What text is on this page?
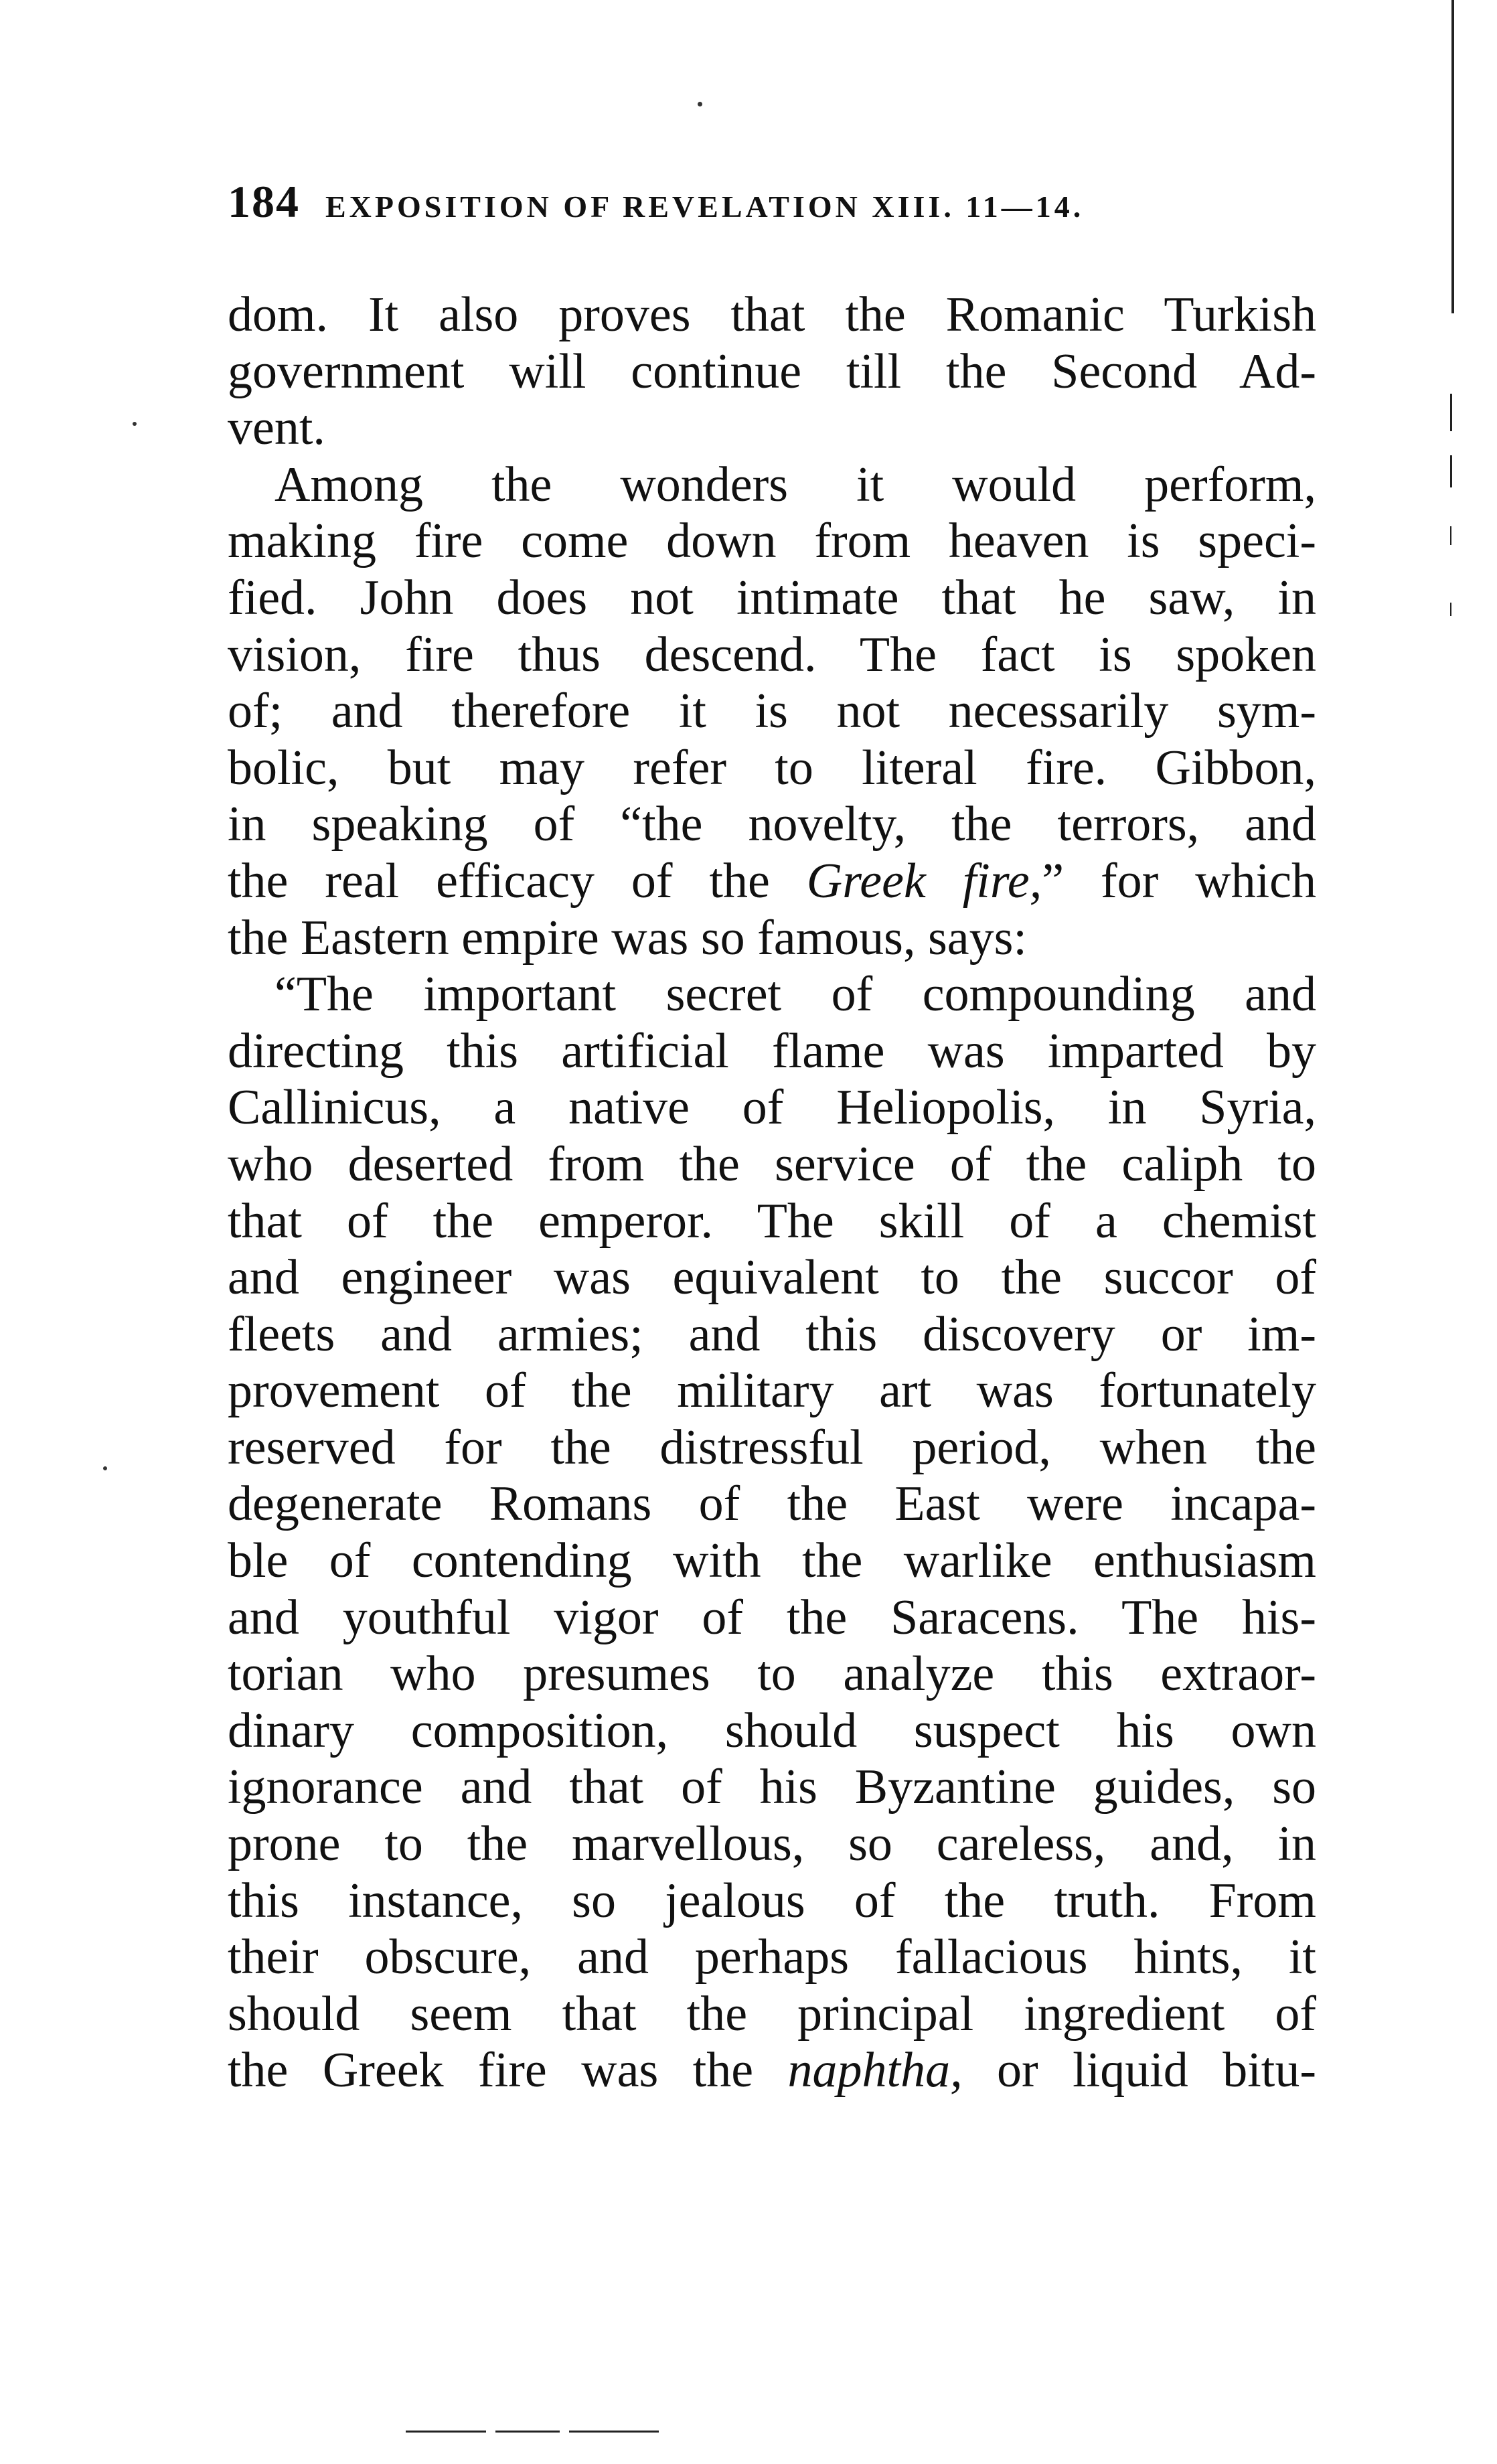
184 EXPOSITION OF REVELATION XIII. 11—14.
dom. It also proves that the Romanic Turkish
government will continue till the Second Ad-
vent.
Among the wonders it would perform,
making fire come down from heaven is speci-
fied. John does not intimate that he saw, in
vision, fire thus descend. The fact is spoken
of; and therefore it is not necessarily sym-
bolic, but may refer to literal fire. Gibbon,
in speaking of “the novelty, the terrors, and
the real efficacy of the Greek fire,” for which
the Eastern empire was so famous, says:
“The important secret of compounding and
directing this artificial flame was imparted by
Callinicus, a native of Heliopolis, in Syria,
who deserted from the service of the caliph to
that of the emperor. The skill of a chemist
and engineer was equivalent to the succor of
fleets and armies; and this discovery or im-
provement of the military art was fortunately
reserved for the distressful period, when the
degenerate Romans of the East were incapa-
ble of contending with the warlike enthusiasm
and youthful vigor of the Saracens. The his-
torian who presumes to analyze this extraor-
dinary composition, should suspect his own
ignorance and that of his Byzantine guides, so
prone to the marvellous, so careless, and, in
this instance, so jealous of the truth. From
their obscure, and perhaps fallacious hints, it
should seem that the principal ingredient of
the Greek fire was the naphtha, or liquid bitu-
